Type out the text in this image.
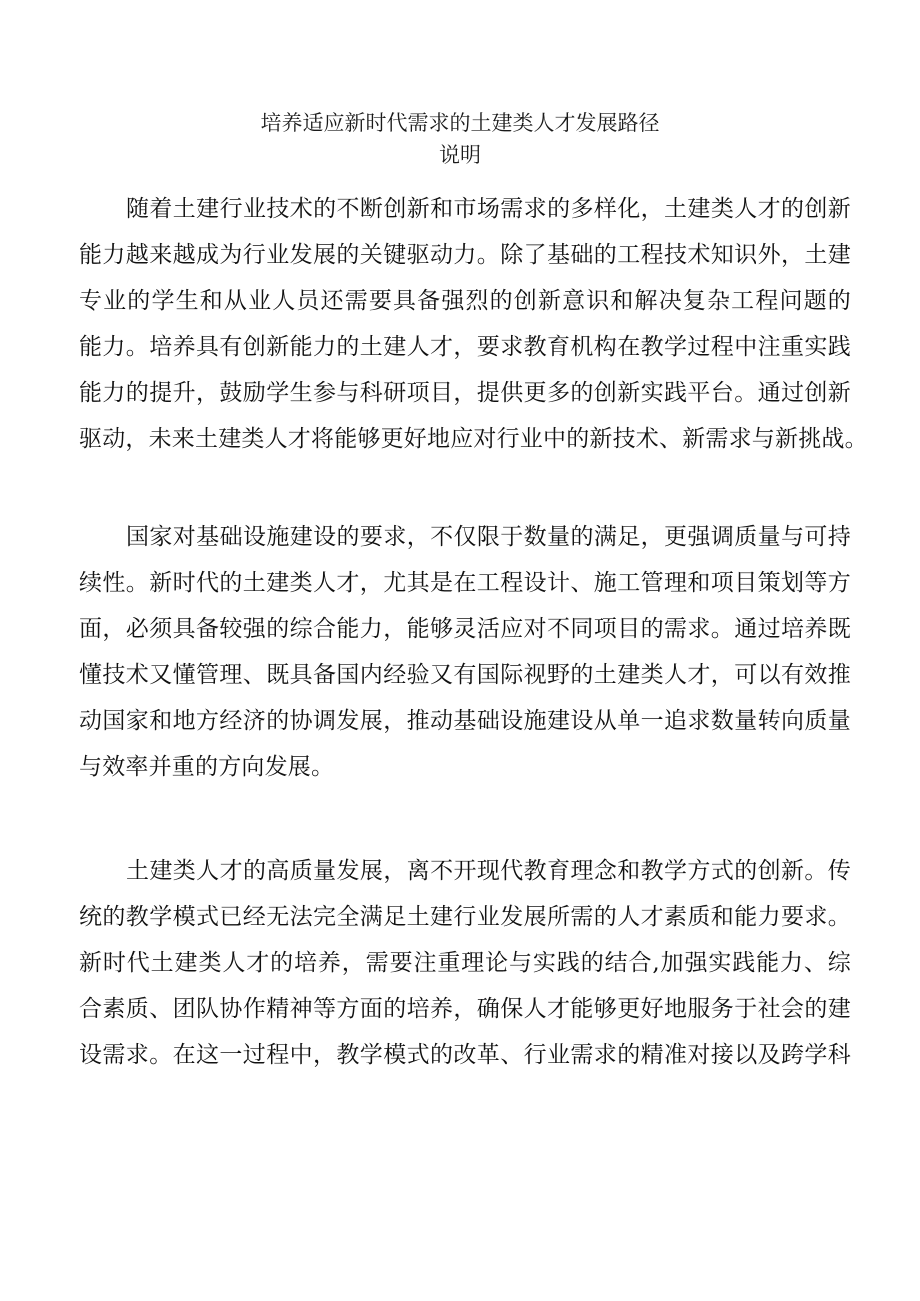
培养适应新时代需求的土建类人才发展路径
说明
随着土建行业技术的不断创新和市场需求的多样化，土建类人才的创新
能力越来越成为行业发展的关键驱动力。除了基础的工程技术知识外，土建
专业的学生和从业人员还需要具备强烈的创新意识和解决复杂工程问题的
能力。培养具有创新能力的土建人才，要求教育机构在教学过程中注重实践
能力的提升，鼓励学生参与科研项目，提供更多的创新实践平台。通过创新
驱动，未来土建类人才将能够更好地应对行业中的新技术、新需求与新挑战。
国家对基础设施建设的要求，不仅限于数量的满足，更强调质量与可持
续性。新时代的土建类人才，尤其是在工程设计、施工管理和项目策划等方
面，必须具备较强的综合能力，能够灵活应对不同项目的需求。通过培养既
懂技术又懂管理、既具备国内经验又有国际视野的土建类人才，可以有效推
动国家和地方经济的协调发展，推动基础设施建设从单一追求数量转向质量
与效率并重的方向发展。
土建类人才的高质量发展，离不开现代教育理念和教学方式的创新。传
统的教学模式已经无法完全满足土建行业发展所需的人才素质和能力要求。
新时代土建类人才的培养，需要注重理论与实践的结合,加强实践能力、综
合素质、团队协作精神等方面的培养，确保人才能够更好地服务于社会的建
设需求。在这一过程中，教学模式的改革、行业需求的精准对接以及跨学科
